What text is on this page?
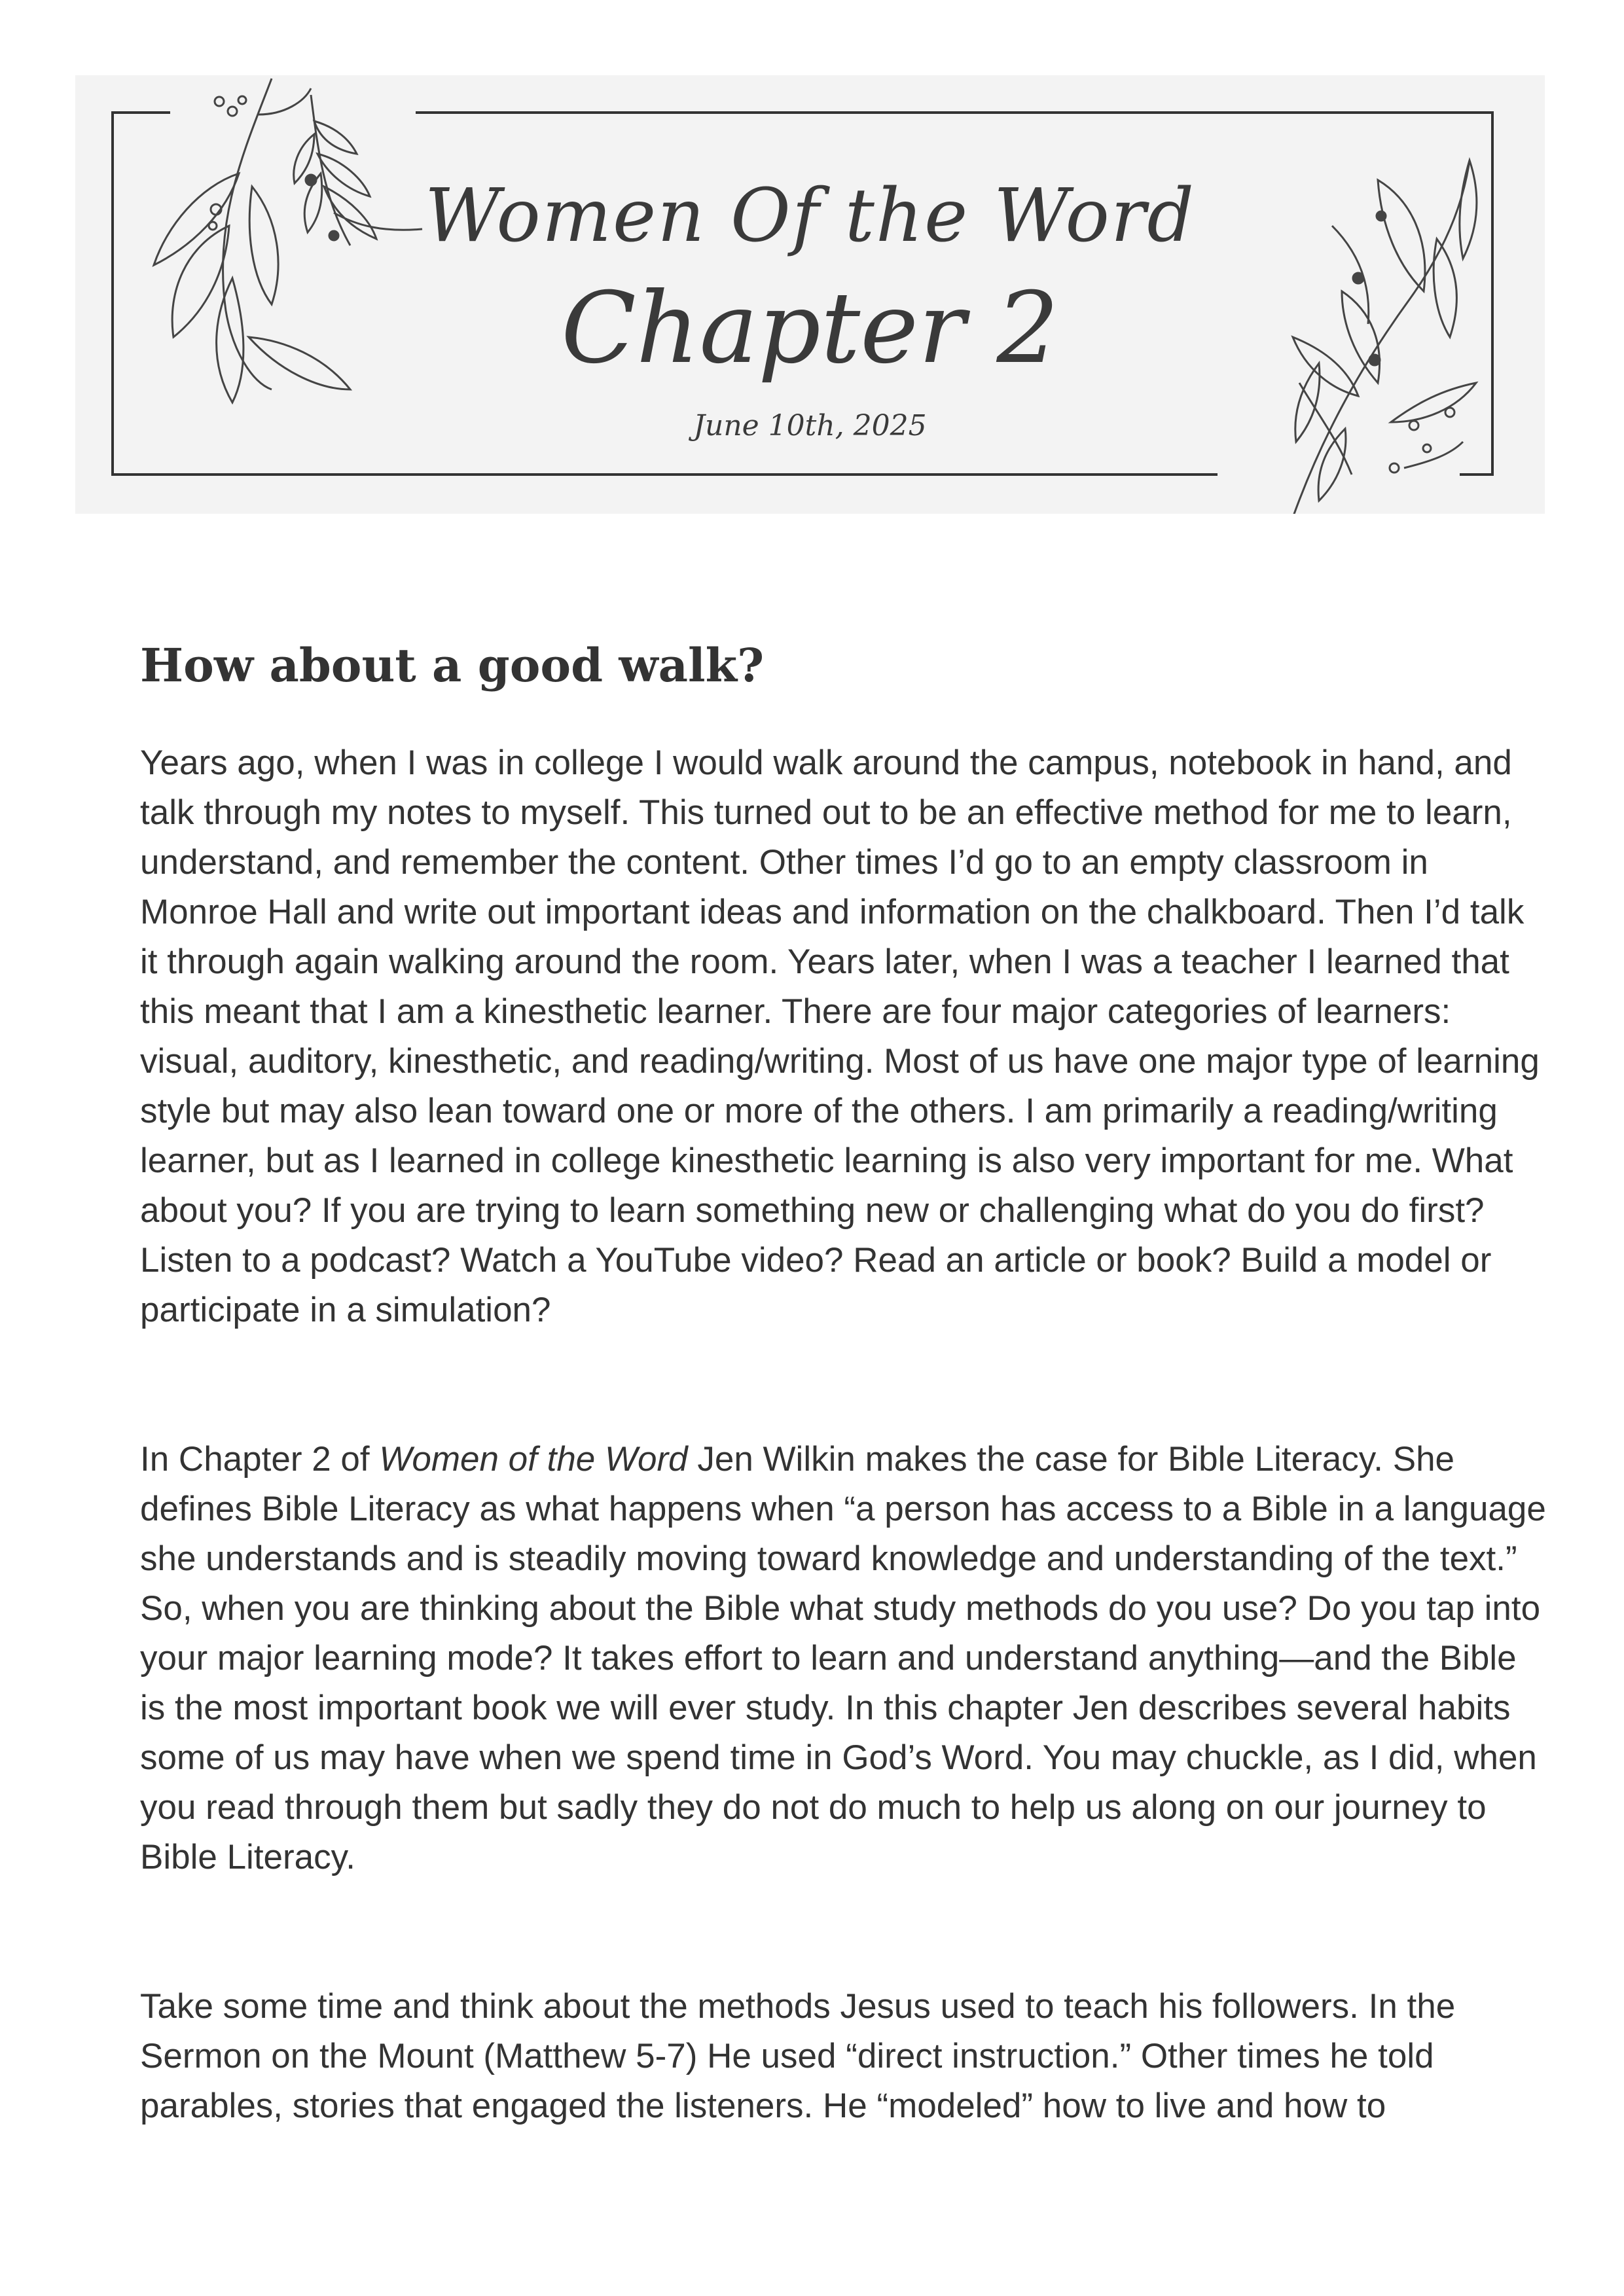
Women Of the Word
Chapter 2
June 10th, 2025
How about a good walk?

Years ago, when I was in college I would walk around the campus, notebook in hand, and talk through my notes to myself. This turned out to be an effective method for me to learn, understand, and remember the content. Other times I’d go to an empty classroom in Monroe Hall and write out important ideas and information on the chalkboard. Then I’d talk it through again walking around the room. Years later, when I was a teacher I learned that this meant that I am a kinesthetic learner. There are four major categories of learners: visual, auditory, kinesthetic, and reading/writing. Most of us have one major type of learning style but may also lean toward one or more of the others. I am primarily a reading/writing learner, but as I learned in college kinesthetic learning is also very important for me. What about you? If you are trying to learn something new or challenging what do you do first? Listen to a podcast? Watch a YouTube video? Read an article or book? Build a model or participate in a simulation?

In Chapter 2 of Women of the Word Jen Wilkin makes the case for Bible Literacy. She defines Bible Literacy as what happens when “a person has access to a Bible in a language she understands and is steadily moving toward knowledge and understanding of the text.” So, when you are thinking about the Bible what study methods do you use? Do you tap into your major learning mode? It takes effort to learn and understand anything—and the Bible is the most important book we will ever study. In this chapter Jen describes several habits some of us may have when we spend time in God’s Word. You may chuckle, as I did, when you read through them but sadly they do not do much to help us along on our journey to Bible Literacy.

Take some time and think about the methods Jesus used to teach his followers. In the Sermon on the Mount (Matthew 5-7) He used “direct instruction.” Other times he told parables, stories that engaged the listeners. He “modeled” how to live and how to
